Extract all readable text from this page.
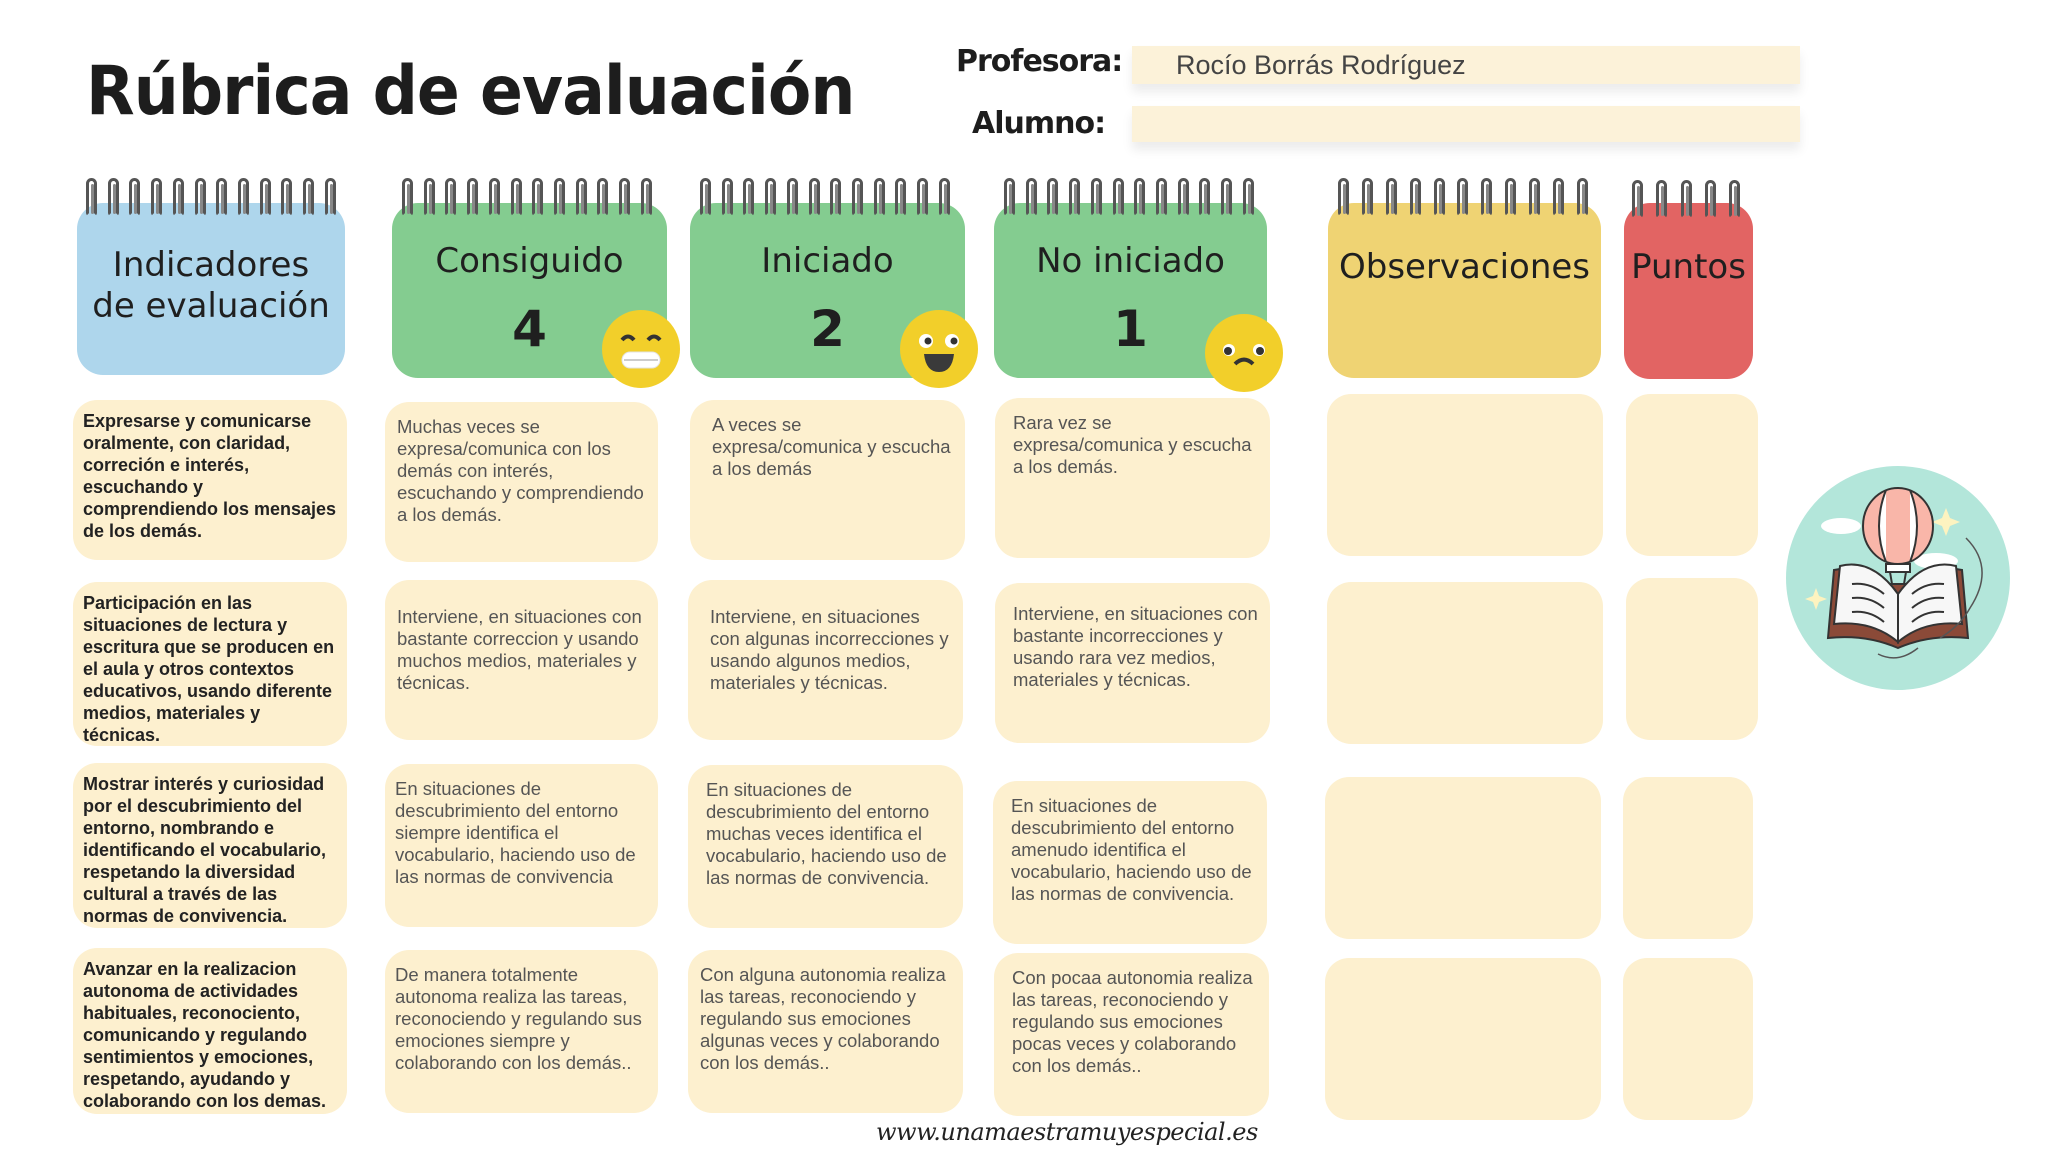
Rúbrica de evaluación	Profesora: Rocío Borrás Rodríguez
Alumno:
Indicadores de evaluación
Consiguido
4
Iniciado
2
No iniciado
1
Observaciones Puntos
Expresarse y comunicarse oralmente, con claridad, correción e interés, escuchando y comprendiendo los mensajes de los demás.
Muchas veces se expresa/comunica con los demás con interés, escuchando y comprendiendo a los demás.
A veces se expresa/comunica y escucha a los demás
Rara vez se expresa/comunica y escucha a los demás.
Participación en las situaciones de lectura y escritura que se producen en el aula y otros contextos educativos, usando diferente medios, materiales y técnicas.
Interviene, en situaciones con bastante correccion y usando muchos medios, materiales y técnicas.
Interviene, en situaciones con algunas incorrecciones y usando algunos medios, materiales y técnicas.
Interviene, en situaciones con bastante incorrecciones y usando rara vez medios, materiales y técnicas.
Mostrar interés y curiosidad por el descubrimiento del entorno, nombrando e identificando el vocabulario, respetando la diversidad cultural a través de las normas de convivencia.
En situaciones de descubrimiento del entorno siempre identifica el vocabulario, haciendo uso de las normas de convivencia
En situaciones de descubrimiento del entorno muchas veces identifica el vocabulario, haciendo uso de las normas de convivencia.
En situaciones de descubrimiento del entorno amenudo identifica el vocabulario, haciendo uso de las normas de convivencia.
Avanzar en la realizacion autonoma de actividades habituales, reconociento, comunicando y regulando sentimientos y emociones, respetando, ayudando y colaborando con los demas.
De manera totalmente autonoma realiza las tareas, reconociendo y regulando sus emociones siempre y colaborando con los demás..
Con alguna autonomia realiza las tareas, reconociendo y regulando sus emociones algunas veces y colaborando con los demás..
Con pocaa autonomia realiza las tareas, reconociendo y regulando sus emociones pocas veces y colaborando con los demás..
www.unamaestramuyespecial.es
